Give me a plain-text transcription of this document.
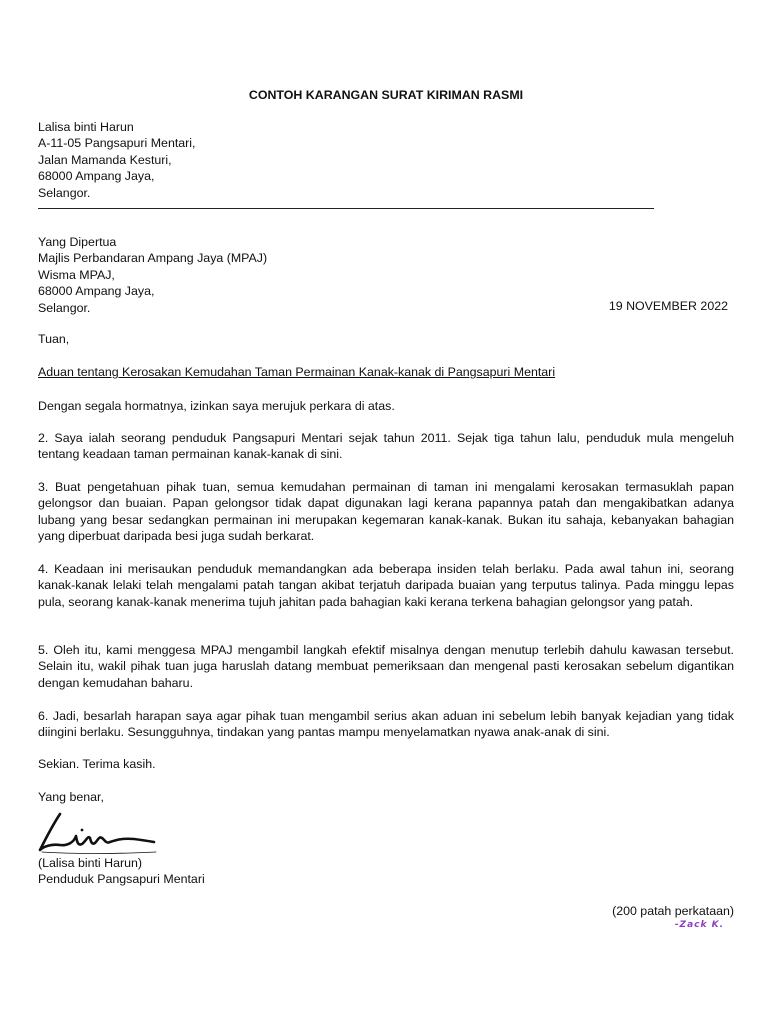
CONTOH KARANGAN SURAT KIRIMAN RASMI
Lalisa binti Harun
A-11-05 Pangsapuri Mentari,
Jalan Mamanda Kesturi,
68000 Ampang Jaya,
Selangor.
Yang Dipertua
Majlis Perbandaran Ampang Jaya (MPAJ)
Wisma MPAJ,
68000 Ampang Jaya,
Selangor.	19 NOVEMBER 2022
Tuan,
Aduan tentang Kerosakan Kemudahan Taman Permainan Kanak-kanak di Pangsapuri Mentari
Dengan segala hormatnya, izinkan saya merujuk perkara di atas.
2. Saya ialah seorang penduduk Pangsapuri Mentari sejak tahun 2011. Sejak tiga tahun lalu, penduduk mula mengeluh tentang keadaan taman permainan kanak-kanak di sini.
3. Buat pengetahuan pihak tuan, semua kemudahan permainan di taman ini mengalami kerosakan termasuklah papan gelongsor dan buaian. Papan gelongsor tidak dapat digunakan lagi kerana papannya patah dan mengakibatkan adanya lubang yang besar sedangkan permainan ini merupakan kegemaran kanak-kanak. Bukan itu sahaja, kebanyakan bahagian yang diperbuat daripada besi juga sudah berkarat.
4. Keadaan ini merisaukan penduduk memandangkan ada beberapa insiden telah berlaku. Pada awal tahun ini, seorang kanak-kanak lelaki telah mengalami patah tangan akibat terjatuh daripada buaian yang terputus talinya. Pada minggu lepas pula, seorang kanak-kanak menerima tujuh jahitan pada bahagian kaki kerana terkena bahagian gelongsor yang patah.
5. Oleh itu, kami menggesa MPAJ mengambil langkah efektif misalnya dengan menutup terlebih dahulu kawasan tersebut. Selain itu, wakil pihak tuan juga haruslah datang membuat pemeriksaan dan mengenal pasti kerosakan sebelum digantikan dengan kemudahan baharu.
6. Jadi, besarlah harapan saya agar pihak tuan mengambil serius akan aduan ini sebelum lebih banyak kejadian yang tidak diingini berlaku. Sesungguhnya, tindakan yang pantas mampu menyelamatkan nyawa anak-anak di sini.
Sekian. Terima kasih.
Yang benar,
(Lalisa binti Harun)
Penduduk Pangsapuri Mentari
(200 patah perkataan)
-Zack K.
